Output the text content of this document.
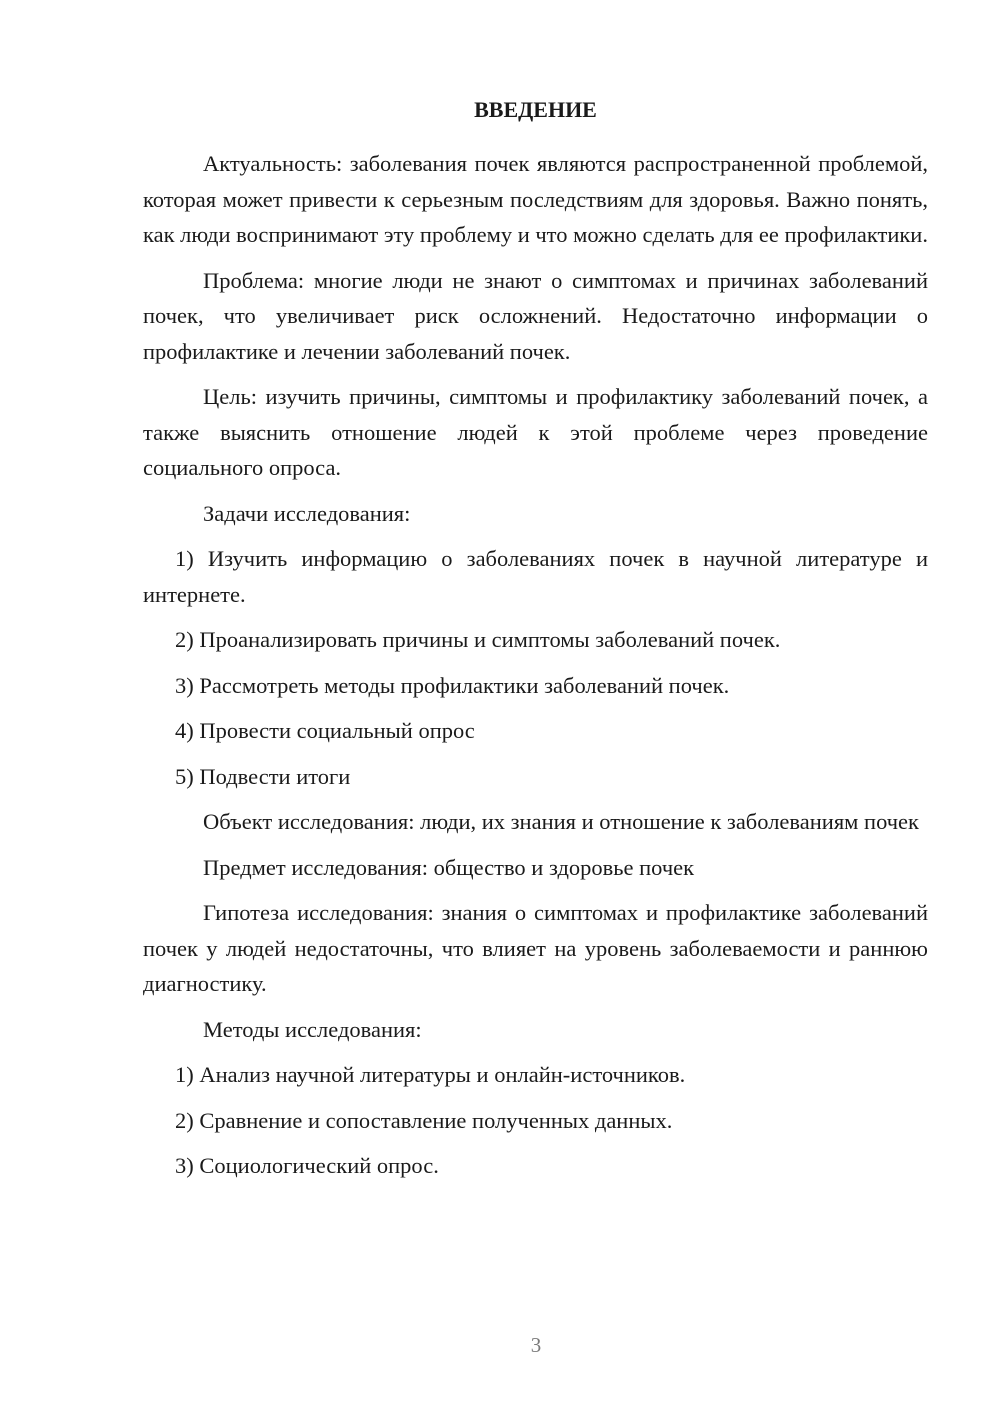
ВВЕДЕНИЕ

Актуальность: заболевания почек являются распространенной проблемой, которая может привести к серьезным последствиям для здоровья. Важно понять, как люди воспринимают эту проблему и что можно сделать для ее профилактики.

Проблема: многие люди не знают о симптомах и причинах заболеваний почек, что увеличивает риск осложнений. Недостаточно информации о профилактике и лечении заболеваний почек.

Цель: изучить причины, симптомы и профилактику заболеваний почек, а также выяснить отношение людей к этой проблеме через проведение социального опроса.

Задачи исследования:

1) Изучить информацию о заболеваниях почек в научной литературе и интернете.

2) Проанализировать причины и симптомы заболеваний почек.

3) Рассмотреть методы профилактики заболеваний почек.

4) Провести социальный опрос

5) Подвести итоги

Объект исследования: люди, их знания и отношение к заболеваниям почек

Предмет исследования: общество и здоровье почек

Гипотеза исследования: знания о симптомах и профилактике заболеваний почек у людей недостаточны, что влияет на уровень заболеваемости и раннюю диагностику.

Методы исследования:

1) Анализ научной литературы и онлайн-источников.

2) Сравнение и сопоставление полученных данных.

3) Социологический опрос.

3
